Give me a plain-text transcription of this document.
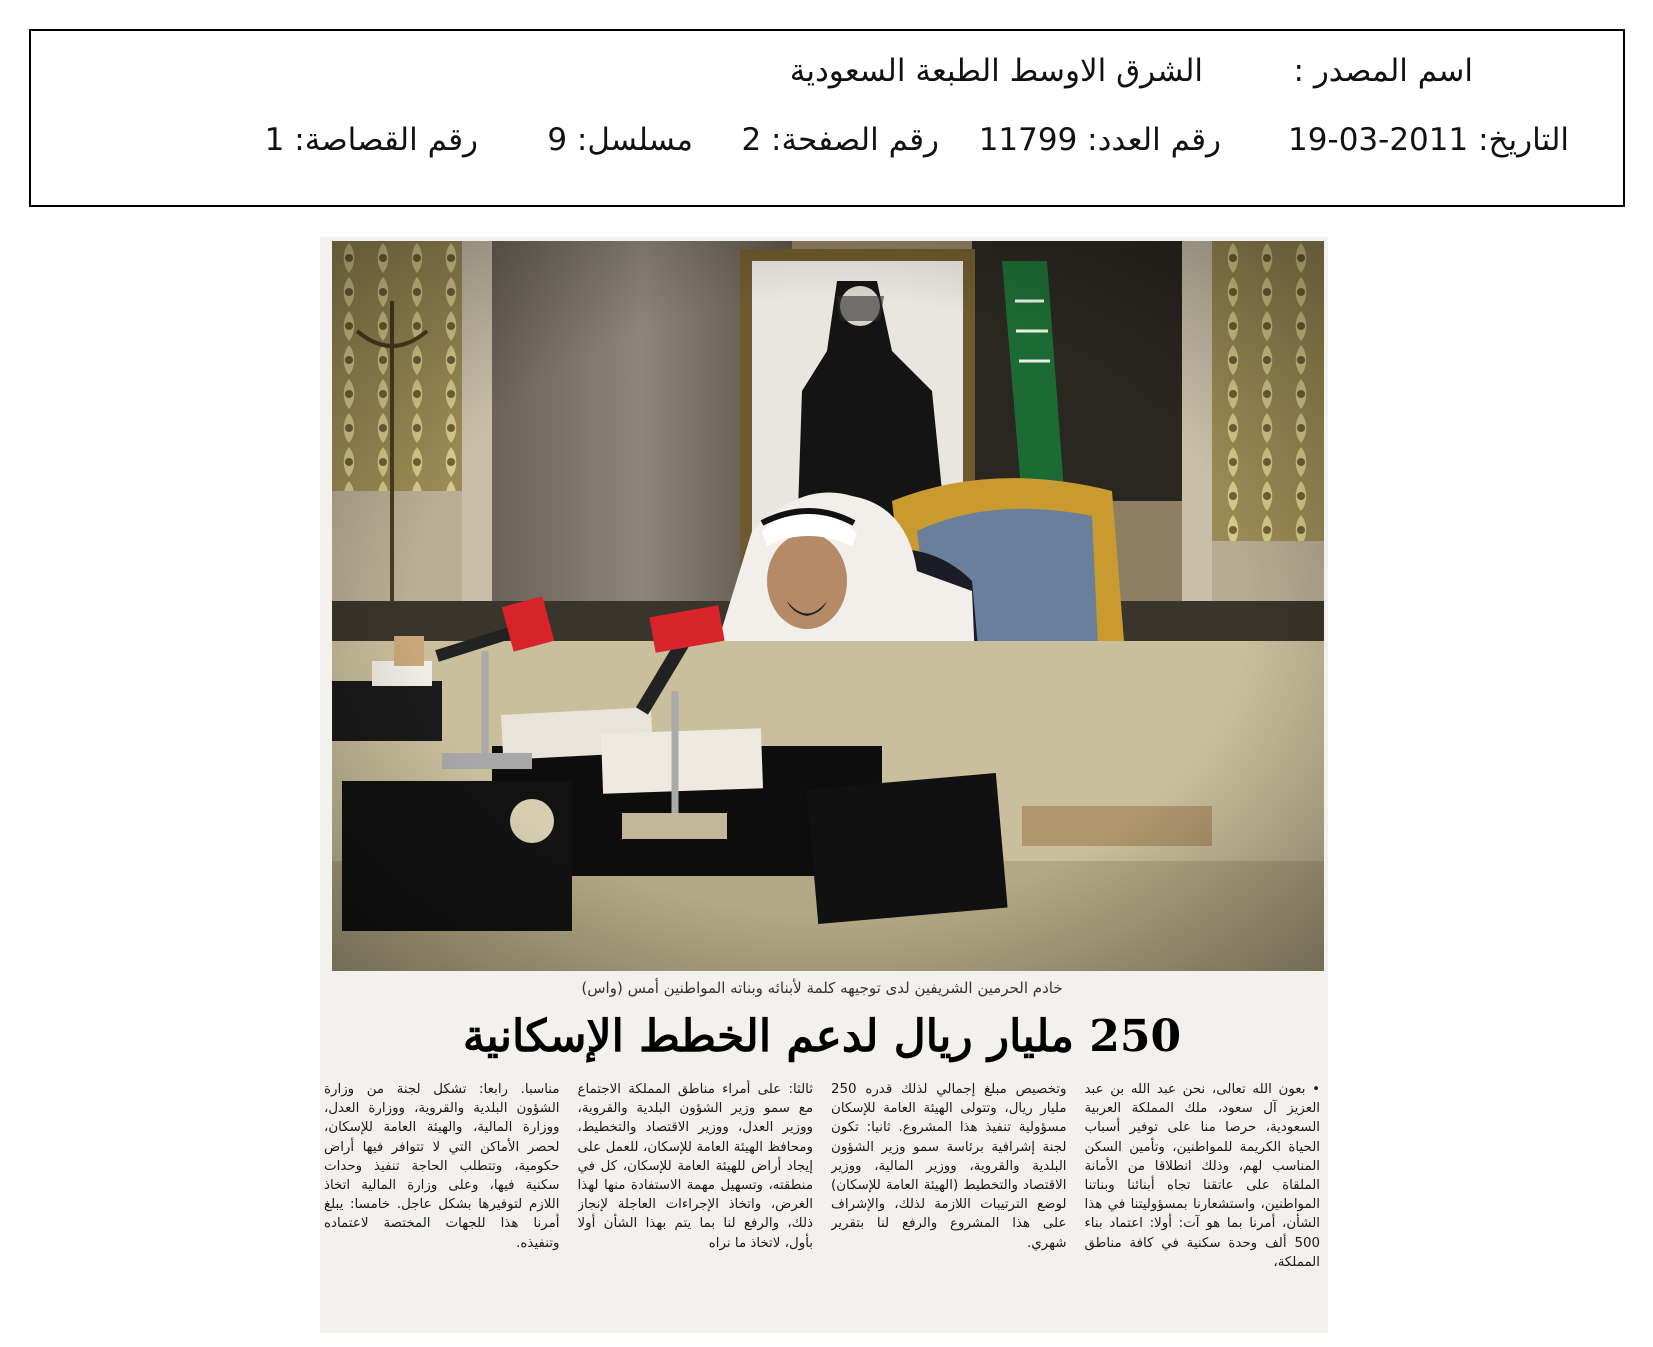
اسم المصدر :
الشرق الاوسط الطبعة السعودية
التاريخ: 2011-03-19
رقم العدد: 11799
رقم الصفحة: 2
مسلسل: 9
رقم القصاصة: 1
خادم الحرمين الشريفين لدى توجيهه كلمة لأبنائه وبناته المواطنين أمس (واس)
250 مليار ريال لدعم الخطط الإسكانية

• بعون الله تعالى، نحن عبد الله بن عبد العزيز آل سعود، ملك المملكة العربية السعودية، حرصا منا على توفير أسباب الحياة الكريمة للمواطنين، وتأمين السكن المناسب لهم، وذلك انطلاقا من الأمانة الملقاة على عاتقنا تجاه أبنائنا وبناتنا المواطنين، واستشعارنا بمسؤوليتنا في هذا الشأن، أمرنا بما هو آت: أولا: اعتماد بناء 500 ألف وحدة سكنية في كافة مناطق المملكة،

وتخصيص مبلغ إجمالي لذلك قدره 250 مليار ريال، وتتولى الهيئة العامة للإسكان مسؤولية تنفيذ هذا المشروع. ثانيا: تكون لجنة إشرافية برئاسة سمو وزير الشؤون البلدية والقروية، ووزير المالية، ووزير الاقتصاد والتخطيط (الهيئة العامة للإسكان) لوضع الترتيبات اللازمة لذلك، والإشراف على هذا المشروع والرفع لنا بتقرير شهري.

ثالثا: على أمراء مناطق المملكة الاجتماع مع سمو وزير الشؤون البلدية والقروية، ووزير العدل، ووزير الاقتصاد والتخطيط، ومحافظ الهيئة العامة للإسكان، للعمل على إيجاد أراض للهيئة العامة للإسكان، كل في منطقته، وتسهيل مهمة الاستفادة منها لهذا الغرض، واتخاذ الإجراءات العاجلة لإنجاز ذلك، والرفع لنا بما يتم بهذا الشأن أولا بأول، لاتخاذ ما نراه

مناسبا. رابعا: تشكل لجنة من وزارة الشؤون البلدية والقروية، ووزارة العدل، ووزارة المالية، والهيئة العامة للإسكان، لحصر الأماكن التي لا تتوافر فيها أراض حكومية، وتتطلب الحاجة تنفيذ وحدات سكنية فيها، وعلى وزارة المالية اتخاذ اللازم لتوفيرها بشكل عاجل. خامسا: يبلغ أمرنا هذا للجهات المختصة لاعتماده وتنفيذه.
